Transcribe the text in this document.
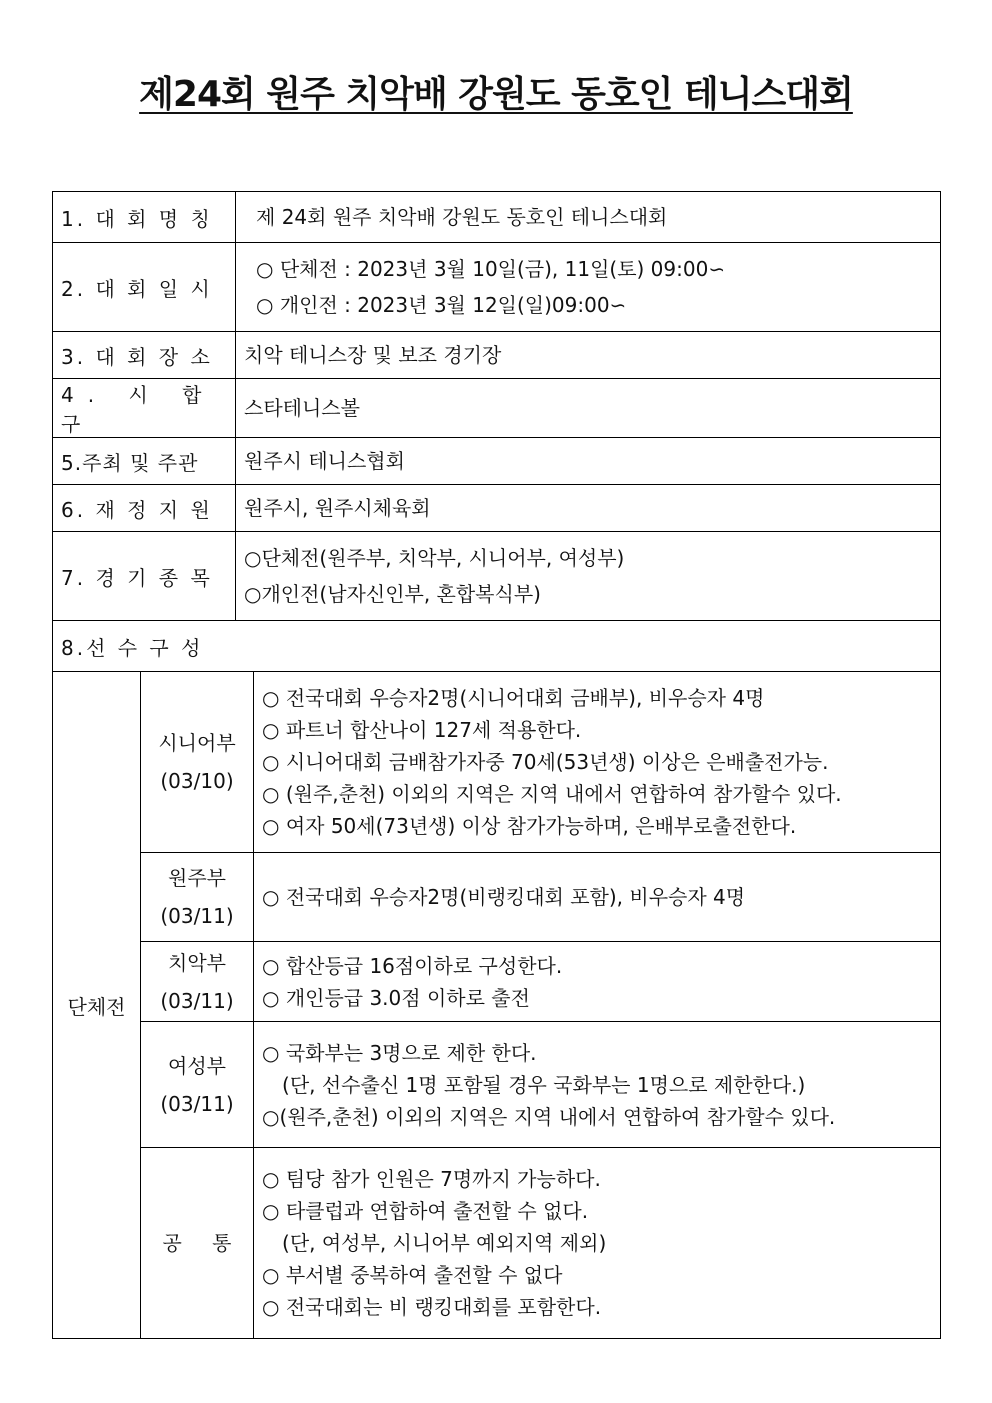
제24회 원주 치악배 강원도 동호인 테니스대회
1. 대 회 명 칭		제 24회 원주 치악배 강원도 동호인 테니스대회	

2. 대 회 일 시		○ 단체전 : 2023년 3월 10일(금), 11일(토) 09:00∽
○ 개인전 : 2023년 3월 12일(일)09:00∽	

3. 대 회 장 소		치악 테니스장 및 보조 경기장	

4. 시 합 구		스타테니스볼	

5.주최 및 주관		원주시 테니스협회	

6. 재 정 지 원		원주시, 원주시체육회	

7. 경 기 종 목		○단체전(원주부, 치악부, 시니어부, 여성부)
○개인전(남자신인부, 혼합복식부)	

8.선 수 구 성			
단체전	시니어부
(03/10)		○ 전국대회 우승자2명(시니어대회 금배부), 비우승자 4명
○ 파트너 합산나이 127세 적용한다.
○ 시니어대회 금배참가자중 70세(53년생) 이상은 은배출전가능.
○ (원주,춘천) 이외의 지역은 지역 내에서 연합하여 참가할수 있다.
○ 여자 50세(73년생) 이상 참가가능하며, 은배부로출전한다.

	원주부
(03/11)		○ 전국대회 우승자2명(비랭킹대회 포함), 비우승자 4명

	치악부
(03/11)		○ 합산등급 16점이하로 구성한다.
○ 개인등급 3.0점 이하로 출전

	여성부
(03/11)		○ 국화부는 3명으로 제한 한다.
(단, 선수출신 1명 포함될 경우 국화부는 1명으로 제한한다.)
○(원주,춘천) 이외의 지역은 지역 내에서 연합하여 참가할수 있다.

	공 통		○ 팀당 참가 인원은 7명까지 가능하다.
○ 타클럽과 연합하여 출전할 수 없다.
(단, 여성부, 시니어부 예외지역 제외)
○ 부서별 중복하여 출전할 수 없다
○ 전국대회는 비 랭킹대회를 포함한다.
